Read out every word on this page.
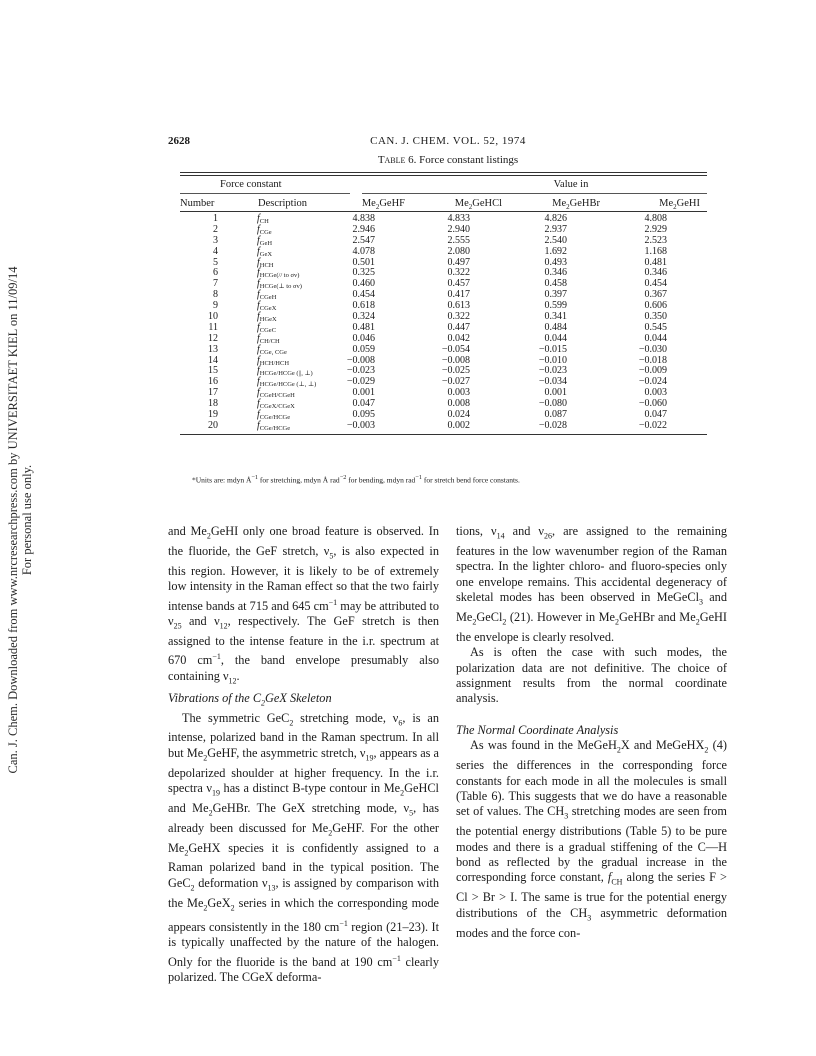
Can. J. Chem. Downloaded from www.nrcresearchpress.com by UNIVERSITAET KIEL on 11/09/14 For personal use only.
2628	CAN. J. CHEM. VOL. 52, 1974
Table 6. Force constant listings
Force constant	Value in
Number	Description	$Me_2GeHF$	$Me_2GeHCl$	$Me_2GeHBr$	$Me_2GeHI$
1	$f_{CH}$	4.838	4.833	4.826	4.808
2	$f_{CGe}$	2.946	2.940	2.937	2.929
3	$f_{GeH}$	2.547	2.555	2.540	2.523
4	$f_{GeX}$	4.078	2.080	1.692	1.168
5	$f_{HCH}$	0.501	0.497	0.493	0.481
6	$f_{HCGe(// to \sigma v)}$	0.325	0.322	0.346	0.346
7	$f_{HCGe(\perp to \sigma v)}$	0.460	0.457	0.458	0.454
8	$f_{CGeH}$	0.454	0.417	0.397	0.367
9	$f_{CGeX}$	0.618	0.613	0.599	0.606
10	$f_{HGeX}$	0.324	0.322	0.341	0.350
11	$f_{CGeC}$	0.481	0.447	0.484	0.545
12	$f_{CH/CH}$	0.046	0.042	0.044	0.044
13	$f_{CGe, CGe}$	0.059	−0.054	−0.015	−0.030
14	$f_{HCH/HCH}$	−0.008	−0.008	−0.010	−0.018
15	$f_{HCGe/HCGe (||, \perp)}$	−0.023	−0.025	−0.023	−0.009
16	$f_{HCGe/HCGe (\perp, \perp)}$	−0.029	−0.027	−0.034	−0.024
17	$f_{CGeH/CGeH}$	0.001	0.003	0.001	0.003
18	$f_{CGeX/CGeX}$	0.047	0.008	−0.080	−0.060
19	$f_{CGe/HCGe}$	0.095	0.024	0.087	0.047
20	$f_{CGe/HCGe}$	−0.003	0.002	−0.028	−0.022
*Units are: mdyn $Å^{-1}$ for stretching, mdyn Å rad$^{-2}$ for bending, mdyn rad$^{-1}$ for stretch bend force constants.

and $Me_2GeHI$ only one broad feature is observed. In the fluoride, the GeF stretch, $\nu_5$, is also expected in this region. However, it is likely to be of extremely low intensity in the Raman effect so that the two fairly intense bands at 715 and 645 $cm^{-1}$ may be attributed to $\nu_{25}$ and $\nu_{12}$, respectively. The GeF stretch is then assigned to the intense feature in the i.r. spectrum at 670 $cm^{-1}$, the band envelope presumably also containing $\nu_{12}$.

Vibrations of the $C_2GeX$ Skeleton

The symmetric GeC$_2$ stretching mode, $\nu_6$, is an intense, polarized band in the Raman spectrum. In all but $Me_2GeHF$, the asymmetric stretch, $\nu_{19}$, appears as a depolarized shoulder at higher frequency. In the i.r. spectra $\nu_{19}$ has a distinct B-type contour in $Me_2GeHCl$ and $Me_2GeHBr$. The GeX stretching mode, $\nu_5$, has already been discussed for $Me_2GeHF$. For the other $Me_2GeHX$ species it is confidently assigned to a Raman polarized band in the typical position. The GeC$_2$ deformation $\nu_{13}$, is assigned by comparison with the $Me_2GeX_2$ series in which the corresponding mode appears consistently in the 180 $cm^{-1}$ region (21–23). It is typically unaffected by the nature of the halogen. Only for the fluoride is the band at 190 $cm^{-1}$ clearly polarized. The CGeX deforma-

tions, $\nu_{14}$ and $\nu_{26}$, are assigned to the remaining features in the low wavenumber region of the Raman spectra. In the lighter chloro- and fluoro-species only one envelope remains. This accidental degeneracy of skeletal modes has been observed in MeGeCl$_3$ and $Me_2GeCl_2$ (21). However in $Me_2GeHBr$ and $Me_2GeHI$ the envelope is clearly resolved.

As is often the case with such modes, the polarization data are not definitive. The choice of assignment results from the normal coordinate analysis.

The Normal Coordinate Analysis

As was found in the MeGeH$_2$X and MeGeHX$_2$ (4) series the differences in the corresponding force constants for each mode in all the molecules is small (Table 6). This suggests that we do have a reasonable set of values. The $CH_3$ stretching modes are seen from the potential energy distributions (Table 5) to be pure modes and there is a gradual stiffening of the C—H bond as reflected by the gradual increase in the corresponding force constant, $f_{CH}$ along the series F > Cl > Br > I. The same is true for the potential energy distributions of the $CH_3$ asymmetric deformation modes and the force con-
